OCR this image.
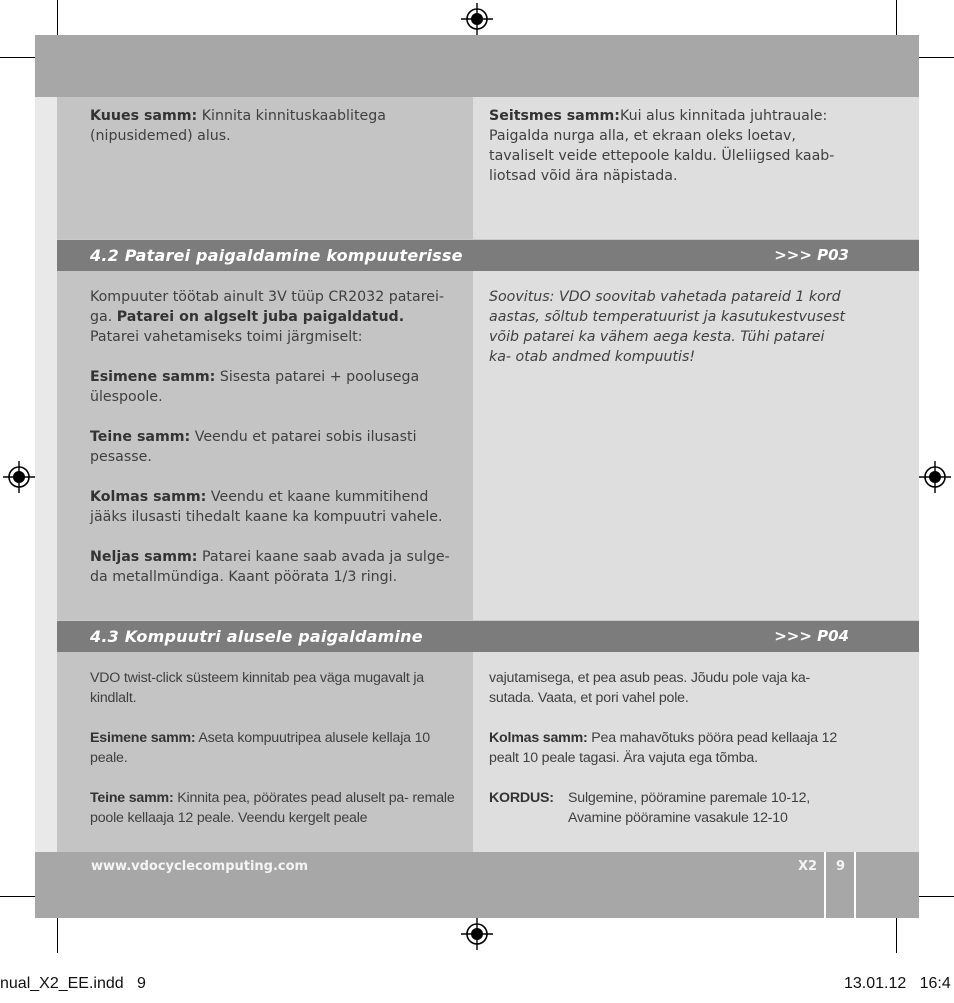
Kuues samm: Kinnita kinnituskaablitega (nipusidemed) alus.
Seitsmes samm:Kui alus kinnitada juhtrauale: Paigalda nurga alla, et ekraan oleks loetav, tavaliselt veide ettepoole kaldu. Üleliigsed kaab- liotsad võid ära näpistada.
4.2 Patarei paigaldamine kompuuterisse	>>> P03

Kompuuter töötab ainult 3V tüüp CR2032 patarei- ga. Patarei on algselt juba paigaldatud. Patarei vahetamiseks toimi järgmiselt:

Esimene samm: Sisesta patarei + poolusega ülespoole.

Teine samm: Veendu et patarei sobis ilusasti pesasse.

Kolmas samm: Veendu et kaane kummitihend jääks ilusasti tihedalt kaane ka kompuutri vahele.

Neljas samm: Patarei kaane saab avada ja sulge- da metallmündiga. Kaant pöörata 1/3 ringi.

Soovitus: VDO soovitab vahetada patareid 1 kord aastas, sõltub temperatuurist ja kasutukestvusest võib patarei ka vähem aega kesta. Tühi patarei ka- otab andmed kompuutis!
4.3 Kompuutri alusele paigaldamine	>>> P04

VDO twist-click süsteem kinnitab pea väga mugavalt ja kindlalt.

Esimene samm: Aseta kompuutripea alusele kellaja 10 peale.

Teine samm: Kinnita pea, pöörates pead aluselt pa- remale poole kellaaja 12 peale. Veendu kergelt peale

vajutamisega, et pea asub peas. Jõudu pole vaja ka- sutada. Vaata, et pori vahel pole.

Kolmas samm: Pea mahavõtuks pööra pead kellaaja 12 pealt 10 peale tagasi. Ära vajuta ega tõmba.

KORDUS: Sulgemine, pööramine paremale 10-12,
Avamine pööramine vasakule 12-10
www.vdocyclecomputing.com	X2 9
nual_X2_EE.indd   9	13.01.12   16:4
